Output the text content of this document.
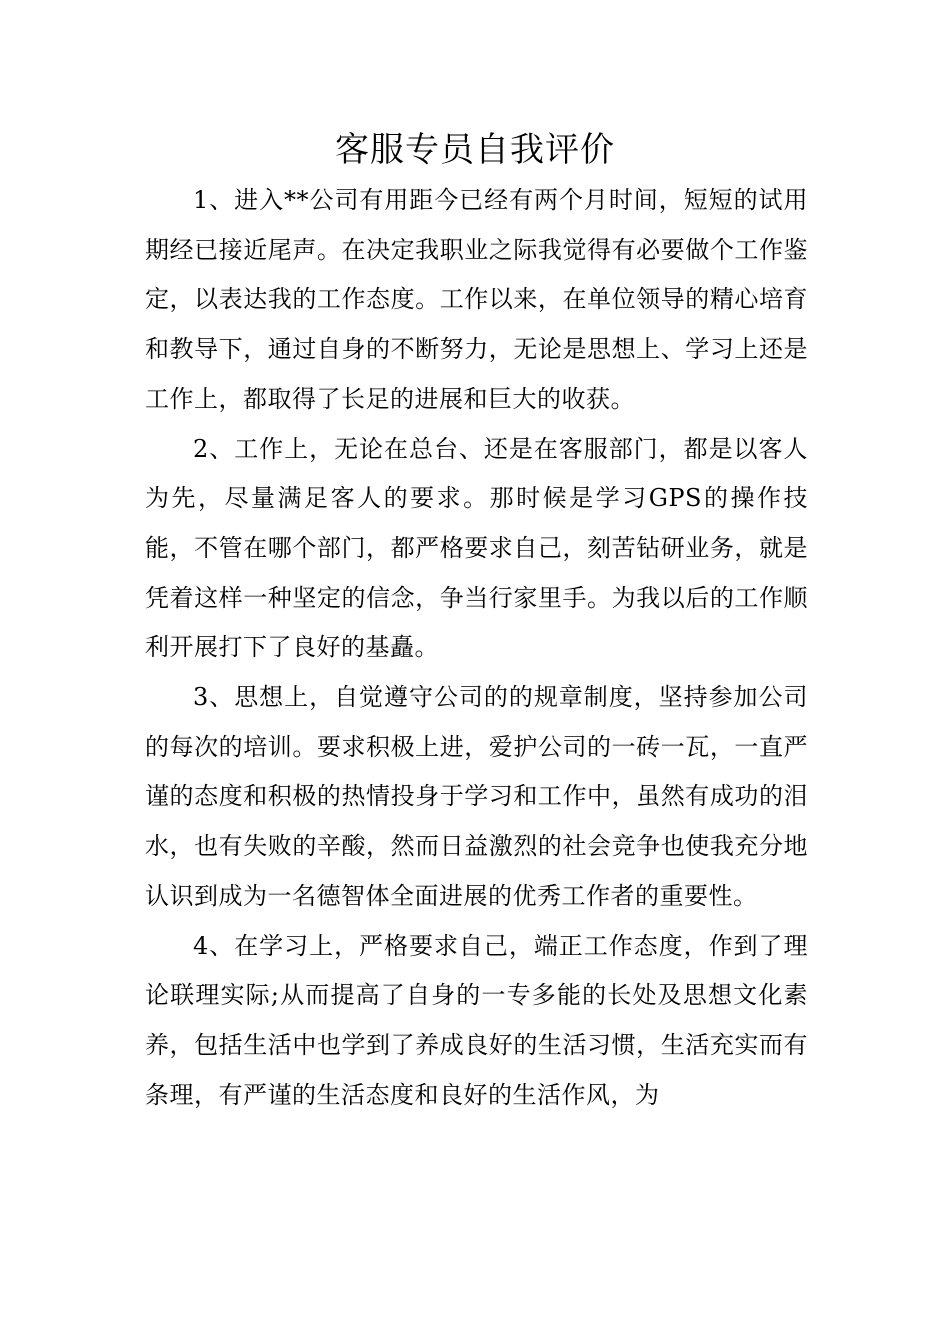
客服专员自我评价

1、进入**公司有用距今已经有两个月时间，短短的试用期经已接近尾声。在决定我职业之际我觉得有必要做个工作鉴定，以表达我的工作态度。工作以来，在单位领导的精心培育和教导下，通过自身的不断努力，无论是思想上、学习上还是工作上，都取得了长足的进展和巨大的收获。

2、工作上，无论在总台、还是在客服部门，都是以客人为先，尽量满足客人的要求。那时候是学习GPS的操作技能，不管在哪个部门，都严格要求自己，刻苦钻研业务，就是凭着这样一种坚定的信念，争当行家里手。为我以后的工作顺利开展打下了良好的基矗。

3、思想上，自觉遵守公司的的规章制度，坚持参加公司的每次的培训。要求积极上进，爱护公司的一砖一瓦，一直严谨的态度和积极的热情投身于学习和工作中，虽然有成功的泪水，也有失败的辛酸，然而日益激烈的社会竞争也使我充分地认识到成为一名德智体全面进展的优秀工作者的重要性。

4、在学习上，严格要求自己，端正工作态度，作到了理论联理实际;从而提高了自身的一专多能的长处及思想文化素养，包括生活中也学到了养成良好的生活习惯，生活充实而有条理，有严谨的生活态度和良好的生活作风，为
